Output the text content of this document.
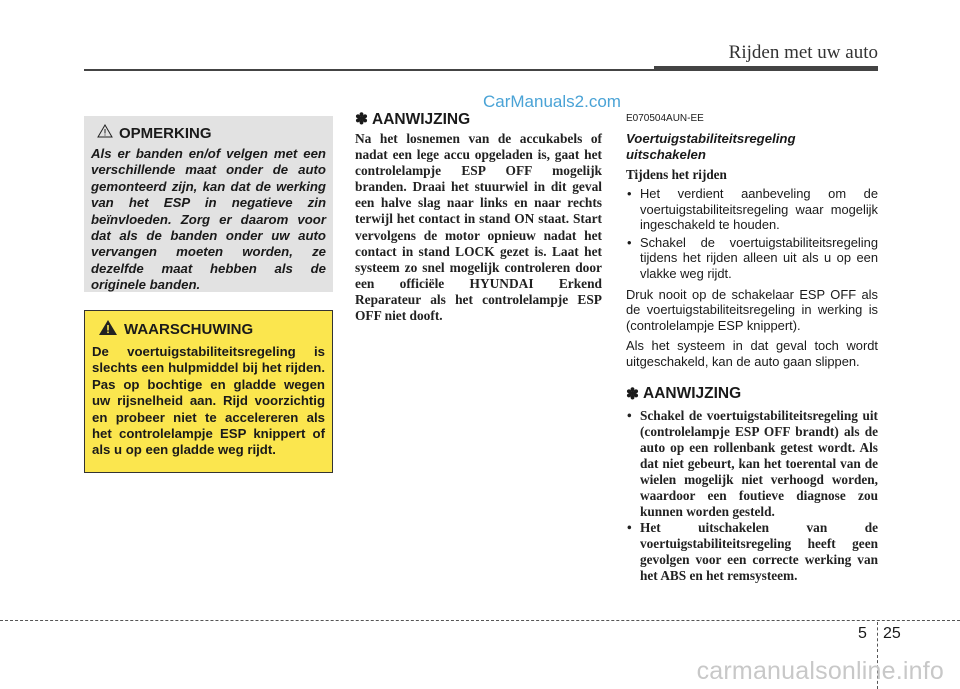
Rijden met uw auto
CarManuals2.com
OPMERKING
Als er banden en/of velgen met een verschillende maat onder de auto gemonteerd zijn, kan dat de werking van het ESP in negatieve zin beïnvloeden. Zorg er daarom voor dat als de banden onder uw auto vervangen moeten worden, ze dezelfde maat hebben als de originele banden.
WAARSCHUWING
De voertuigstabiliteitsregeling is slechts een hulpmiddel bij het rijden. Pas op bochtige en gladde wegen uw rijsnelheid aan. Rijd voorzichtig en probeer niet te accelereren als het controlelampje ESP knippert of als u op een gladde weg rijdt.
✽ AANWIJZING
Na het losnemen van de accukabels of nadat een lege accu opgeladen is, gaat het controlelampje ESP OFF mogelijk branden. Draai het stuurwiel in dit geval een halve slag naar links en naar rechts terwijl het contact in stand ON staat. Start vervolgens de motor opnieuw nadat het contact in stand LOCK gezet is. Laat het systeem zo snel mogelijk controleren door een officiële HYUNDAI Erkend Reparateur als het controlelampje ESP OFF niet dooft.
E070504AUN-EE
Voertuigstabiliteitsregeling uitschakelen
Tijdens het rijden
• Het verdient aanbeveling om de voertuigstabiliteitsregeling waar mogelijk ingeschakeld te houden.
• Schakel de voertuigstabiliteitsregeling tijdens het rijden alleen uit als u op een vlakke weg rijdt.
Druk nooit op de schakelaar ESP OFF als de voertuigstabiliteitsregeling in werking is (controlelampje ESP knippert).
Als het systeem in dat geval toch wordt uitgeschakeld, kan de auto gaan slippen.
✽ AANWIJZING
• Schakel de voertuigstabiliteitsregeling uit (controlelampje ESP OFF brandt) als de auto op een rollenbank getest wordt. Als dat niet gebeurt, kan het toerental van de wielen mogelijk niet verhoogd worden, waardoor een foutieve diagnose zou kunnen worden gesteld.
• Het uitschakelen van de voertuigstabiliteitsregeling heeft geen gevolgen voor een correcte werking van het ABS en het remsysteem.
5 25
carmanualsonline.info
